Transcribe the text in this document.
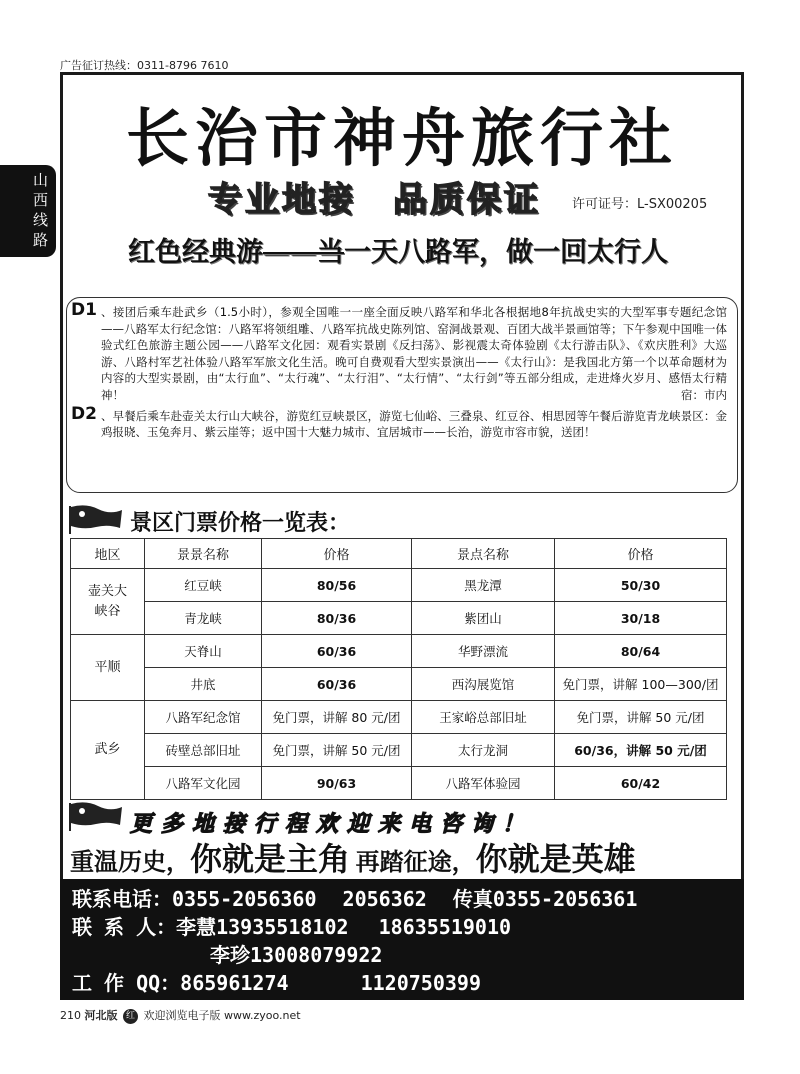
广告征订热线：0311-8796 7610
山
西
线
路
长治市神舟旅行社
专业地接　品质保证 许可证号：L-SX00205
红色经典游——当一天八路军，做一回太行人
D1 、接团后乘车赴武乡（1.5小时），参观全国唯一一座全面反映八路军和华北各根据地8年抗战史实的大型军事专题纪念馆——八路军太行纪念馆：八路军将领组雕、八路军抗战史陈列馆、窑洞战景观、百团大战半景画馆等；下午参观中国唯一体验式红色旅游主题公园——八路军文化园：观看实景剧《反扫荡》、影视震太奇体验剧《太行游击队》、《欢庆胜利》大巡游、八路村军艺社体验八路军军旅文化生活。晚可自费观看大型实景演出——《太行山》：是我国北方第一个以革命题材为内容的大型实景剧，由“太行血”、“太行魂”、“太行泪”、“太行情”、“太行剑”等五部分组成，走进烽火岁月、感悟太行精神！	宿：市内
D2 、早餐后乘车赴壶关太行山大峡谷，游览红豆峡景区，游览七仙峪、三叠泉、红豆谷、相思园等午餐后游览青龙峡景区：金鸡报晓、玉兔奔月、紫云崖等；返中国十大魅力城市、宜居城市——长治，游览市容市貌，送团！
景区门票价格一览表：
地区	景景名称	价格	景点名称	价格
壶关大峡谷	红豆峡	80/56	黑龙潭	50/30
	青龙峡	80/36	紫团山	30/18
平顺	天脊山	60/36	华野漂流	80/64
	井底	60/36	西沟展览馆	免门票，讲解 100—300/团
武乡	八路军纪念馆	免门票，讲解 80 元/团	王家峪总部旧址	免门票，讲解 50 元/团
	砖壁总部旧址	免门票，讲解 50 元/团	太行龙洞	60/36，讲解 50 元/团
	八路军文化园	90/63	八路军体验园	60/42
更多地接行程欢迎来电咨询！
重温历史，你就是主角 再踏征途，你就是英雄
联系电话：0355-2056360 2056362 传真0355-2056361
联 系 人：李慧13935518102 18635519010
李珍13008079922
工 作 QQ：865961274	1120750399
210 河北版 红 欢迎浏览电子版 www.zyoo.net
